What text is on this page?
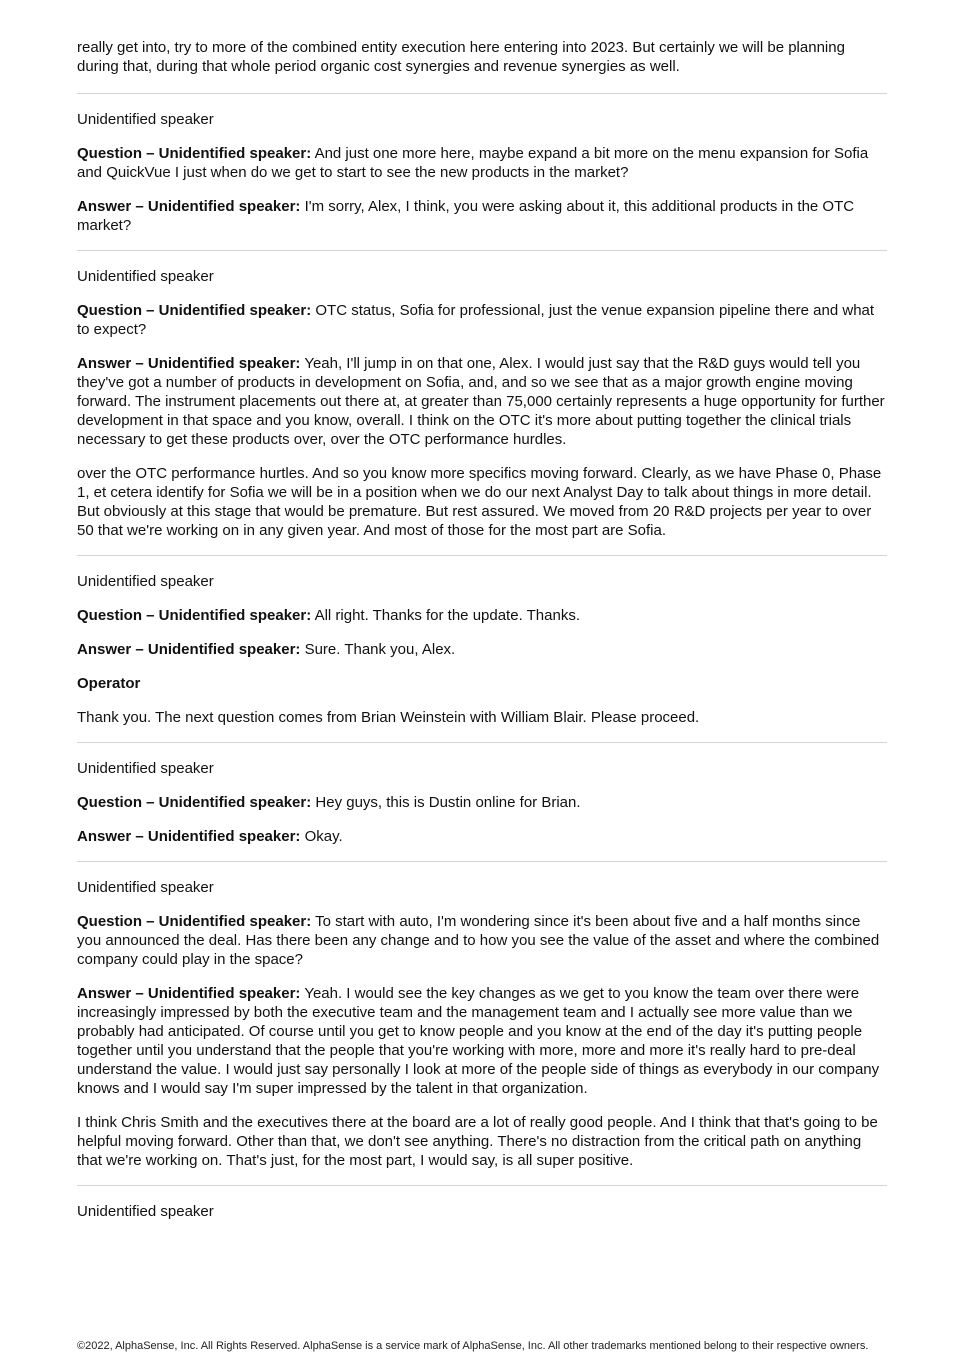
really get into, try to more of the combined entity execution here entering into 2023. But certainly we will be planning during that, during that whole period organic cost synergies and revenue synergies as well.

Unidentified speaker

Question – Unidentified speaker: And just one more here, maybe expand a bit more on the menu expansion for Sofia and QuickVue I just when do we get to start to see the new products in the market?

Answer – Unidentified speaker: I'm sorry, Alex, I think, you were asking about it, this additional products in the OTC market?

Unidentified speaker

Question – Unidentified speaker: OTC status, Sofia for professional, just the venue expansion pipeline there and what to expect?

Answer – Unidentified speaker: Yeah, I'll jump in on that one, Alex. I would just say that the R&D guys would tell you they've got a number of products in development on Sofia, and, and so we see that as a major growth engine moving forward. The instrument placements out there at, at greater than 75,000 certainly represents a huge opportunity for further development in that space and you know, overall. I think on the OTC it's more about putting together the clinical trials necessary to get these products over, over the OTC performance hurdles.

over the OTC performance hurtles. And so you know more specifics moving forward. Clearly, as we have Phase 0, Phase 1, et cetera identify for Sofia we will be in a position when we do our next Analyst Day to talk about things in more detail. But obviously at this stage that would be premature. But rest assured. We moved from 20 R&D projects per year to over 50 that we're working on in any given year. And most of those for the most part are Sofia.

Unidentified speaker

Question – Unidentified speaker: All right. Thanks for the update. Thanks.

Answer – Unidentified speaker: Sure. Thank you, Alex.

Operator

Thank you. The next question comes from Brian Weinstein with William Blair. Please proceed.

Unidentified speaker

Question – Unidentified speaker: Hey guys, this is Dustin online for Brian.

Answer – Unidentified speaker: Okay.

Unidentified speaker

Question – Unidentified speaker: To start with auto, I'm wondering since it's been about five and a half months since you announced the deal. Has there been any change and to how you see the value of the asset and where the combined company could play in the space?

Answer – Unidentified speaker: Yeah. I would see the key changes as we get to you know the team over there were increasingly impressed by both the executive team and the management team and I actually see more value than we probably had anticipated. Of course until you get to know people and you know at the end of the day it's putting people together until you understand that the people that you're working with more, more and more it's really hard to pre-deal understand the value. I would just say personally I look at more of the people side of things as everybody in our company knows and I would say I'm super impressed by the talent in that organization.

I think Chris Smith and the executives there at the board are a lot of really good people. And I think that that's going to be helpful moving forward. Other than that, we don't see anything. There's no distraction from the critical path on anything that we're working on. That's just, for the most part, I would say, is all super positive.

Unidentified speaker

©2022, AlphaSense, Inc. All Rights Reserved. AlphaSense is a service mark of AlphaSense, Inc. All other trademarks mentioned belong to their respective owners.
